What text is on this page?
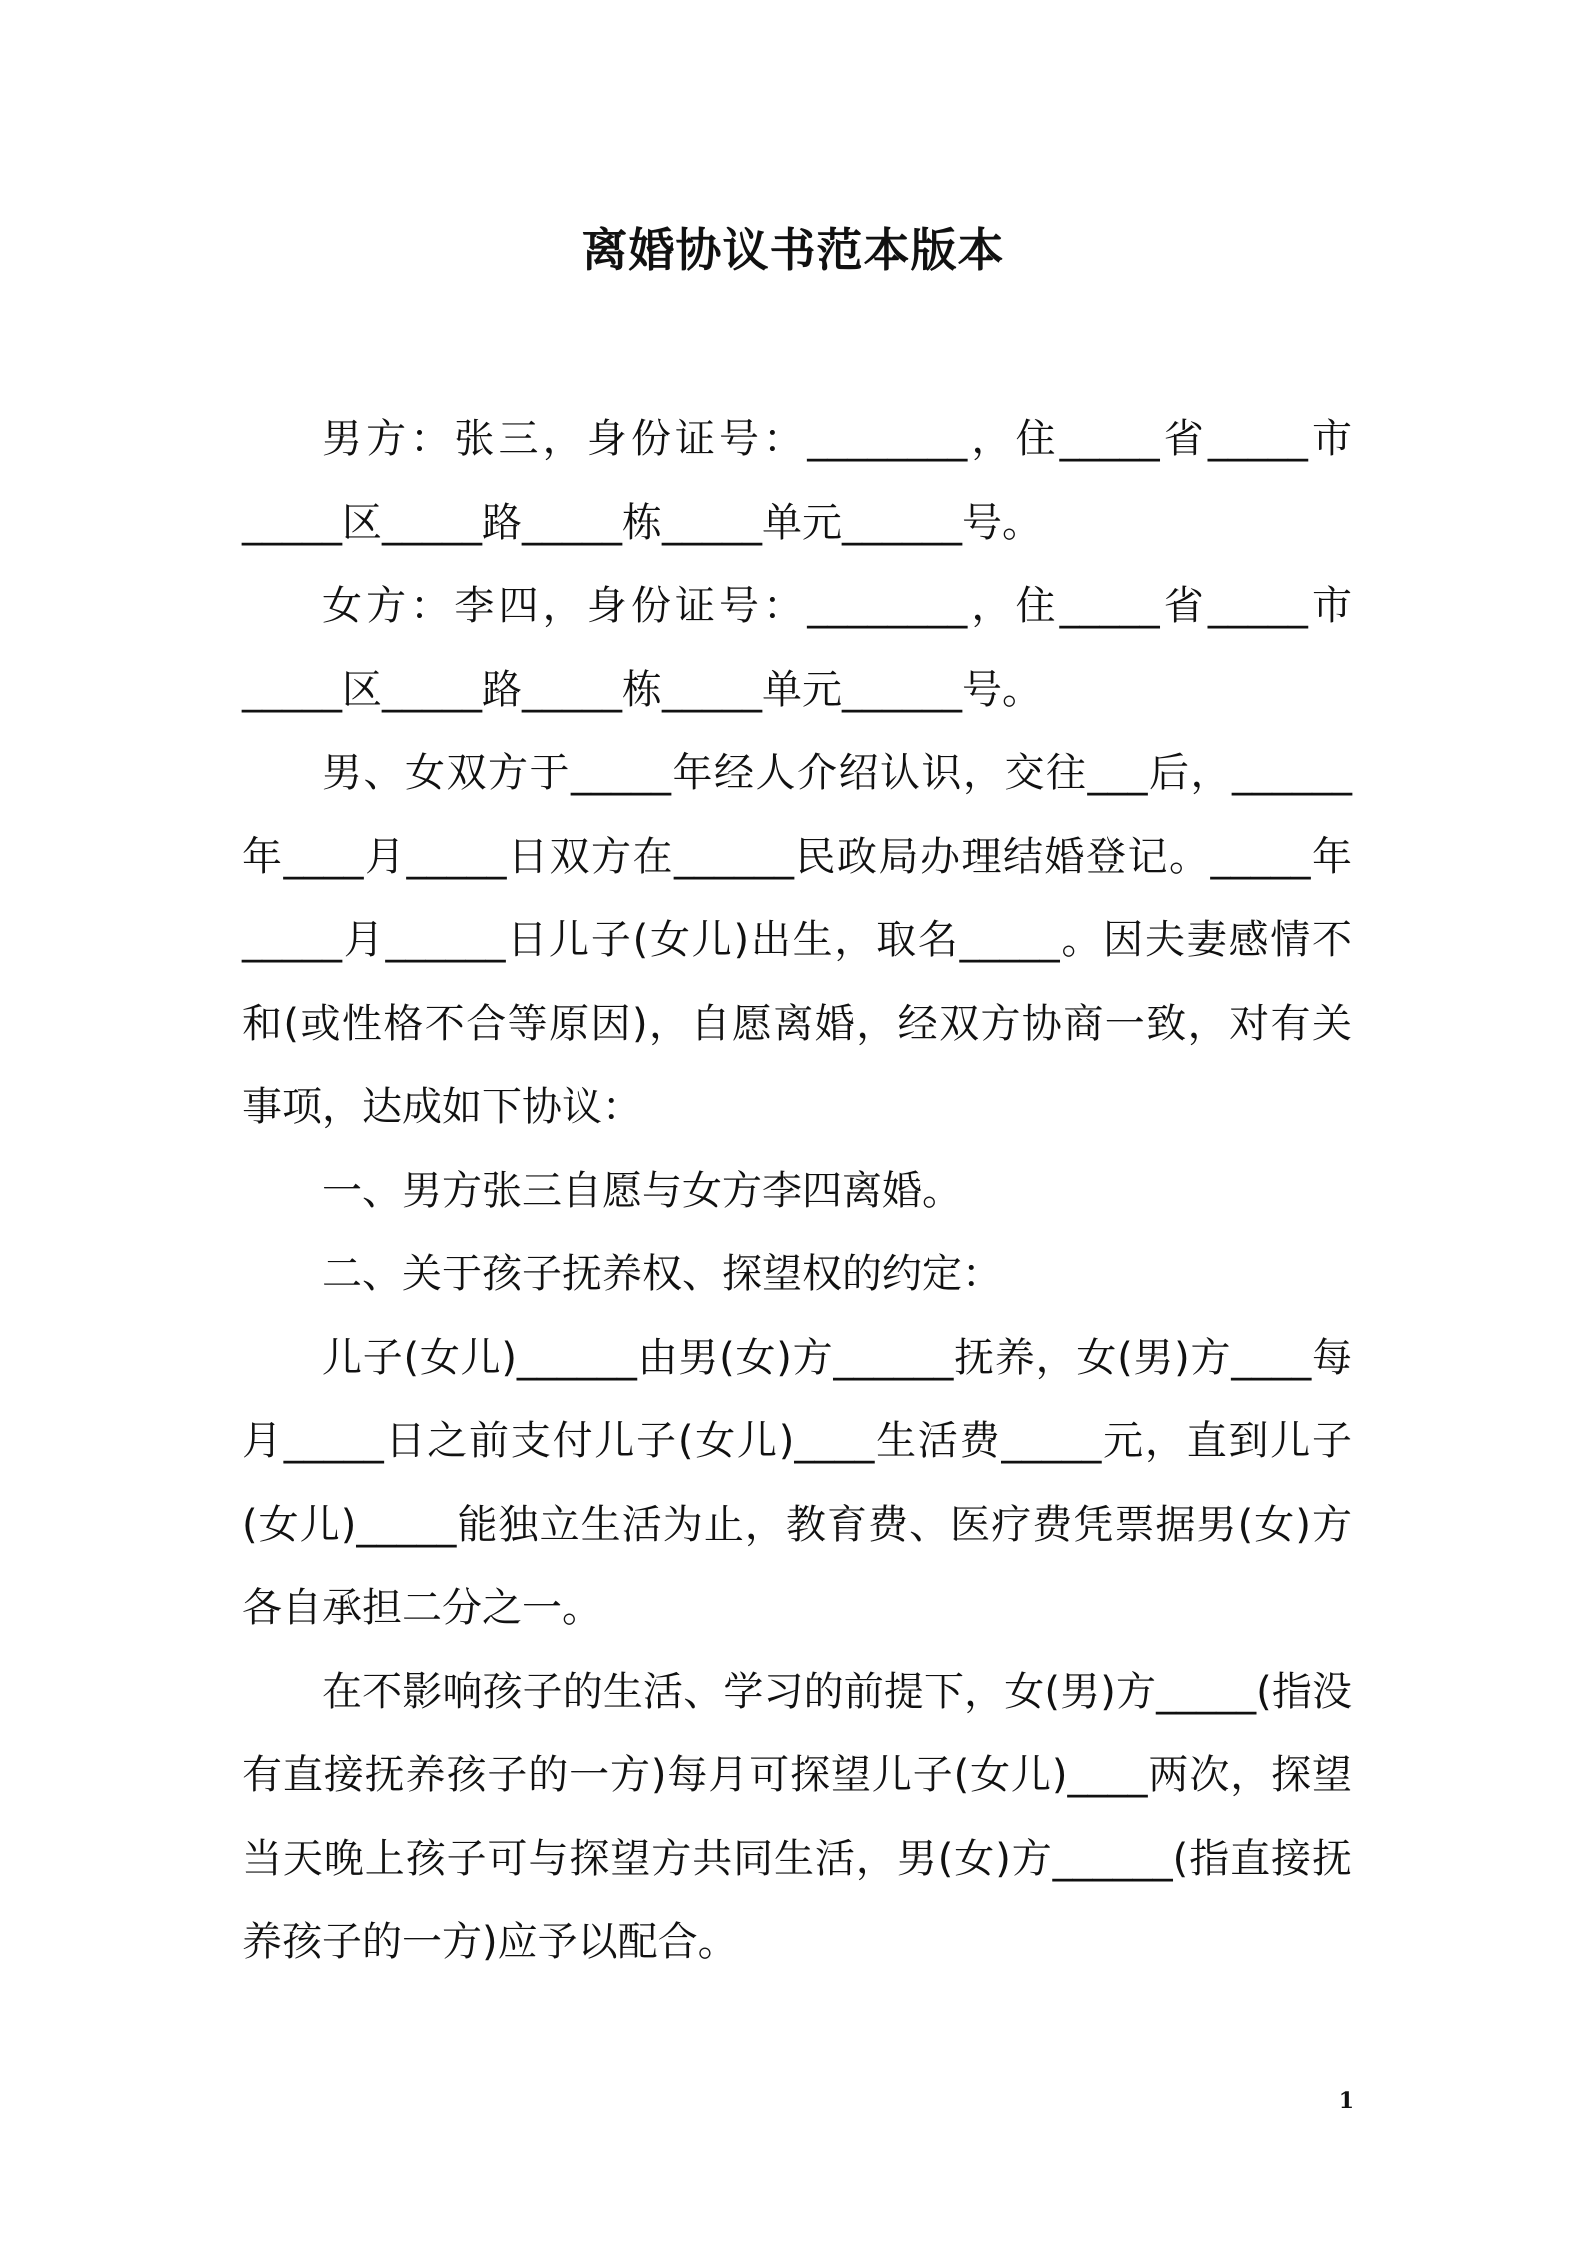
离婚协议书范本版本

男方：张三，身份证号：________，住_____省_____市_____区_____路_____栋_____单元______号。

女方：李四，身份证号：________，住_____省_____市_____区_____路_____栋_____单元______号。

男、女双方于_____年经人介绍认识，交往___后，______年____月_____日双方在______民政局办理结婚登记。_____年_____月______日儿子(女儿)出生，取名_____。因夫妻感情不和(或性格不合等原因)，自愿离婚，经双方协商一致，对有关事项，达成如下协议：

一、男方张三自愿与女方李四离婚。

二、关于孩子抚养权、探望权的约定：

儿子(女儿)______由男(女)方______抚养，女(男)方____每月_____日之前支付儿子(女儿)____生活费_____元，直到儿子(女儿)_____能独立生活为止，教育费、医疗费凭票据男(女)方各自承担二分之一。

在不影响孩子的生活、学习的前提下，女(男)方_____(指没有直接抚养孩子的一方)每月可探望儿子(女儿)____两次，探望当天晚上孩子可与探望方共同生活，男(女)方______(指直接抚养孩子的一方)应予以配合。

1
